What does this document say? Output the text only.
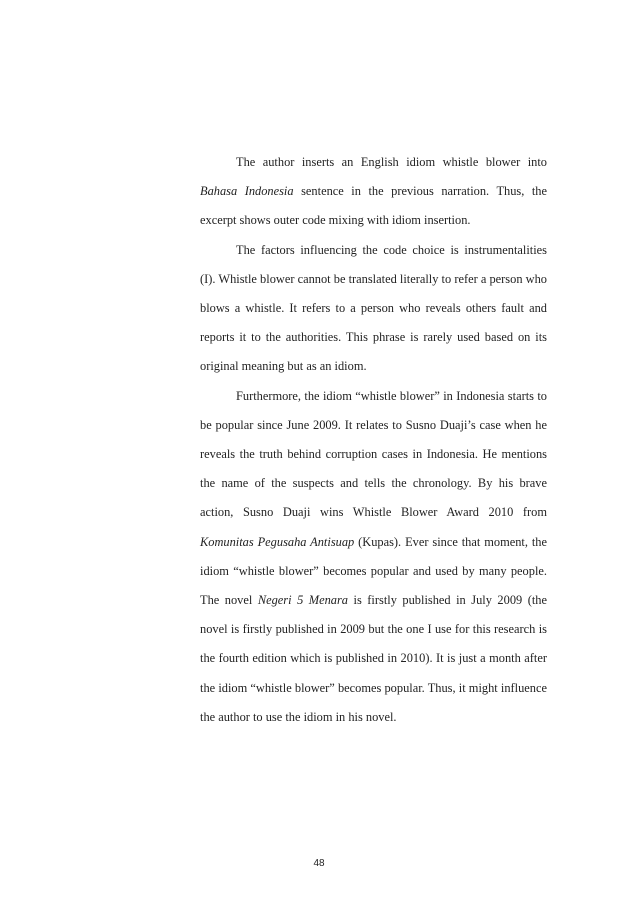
The author inserts an English idiom whistle blower into Bahasa Indonesia sentence in the previous narration. Thus, the excerpt shows outer code mixing with idiom insertion.

The factors influencing the code choice is instrumentalities (I). Whistle blower cannot be translated literally to refer a person who blows a whistle. It refers to a person who reveals others fault and reports it to the authorities. This phrase is rarely used based on its original meaning but as an idiom.

Furthermore, the idiom “whistle blower” in Indonesia starts to be popular since June 2009. It relates to Susno Duaji’s case when he reveals the truth behind corruption cases in Indonesia. He mentions the name of the suspects and tells the chronology. By his brave action, Susno Duaji wins Whistle Blower Award 2010 from Komunitas Pegusaha Antisuap (Kupas). Ever since that moment, the idiom “whistle blower” becomes popular and used by many people. The novel Negeri 5 Menara is firstly published in July 2009 (the novel is firstly published in 2009 but the one I use for this research is the fourth edition which is published in 2010). It is just a month after the idiom “whistle blower” becomes popular. Thus, it might influence the author to use the idiom in his novel.

48
